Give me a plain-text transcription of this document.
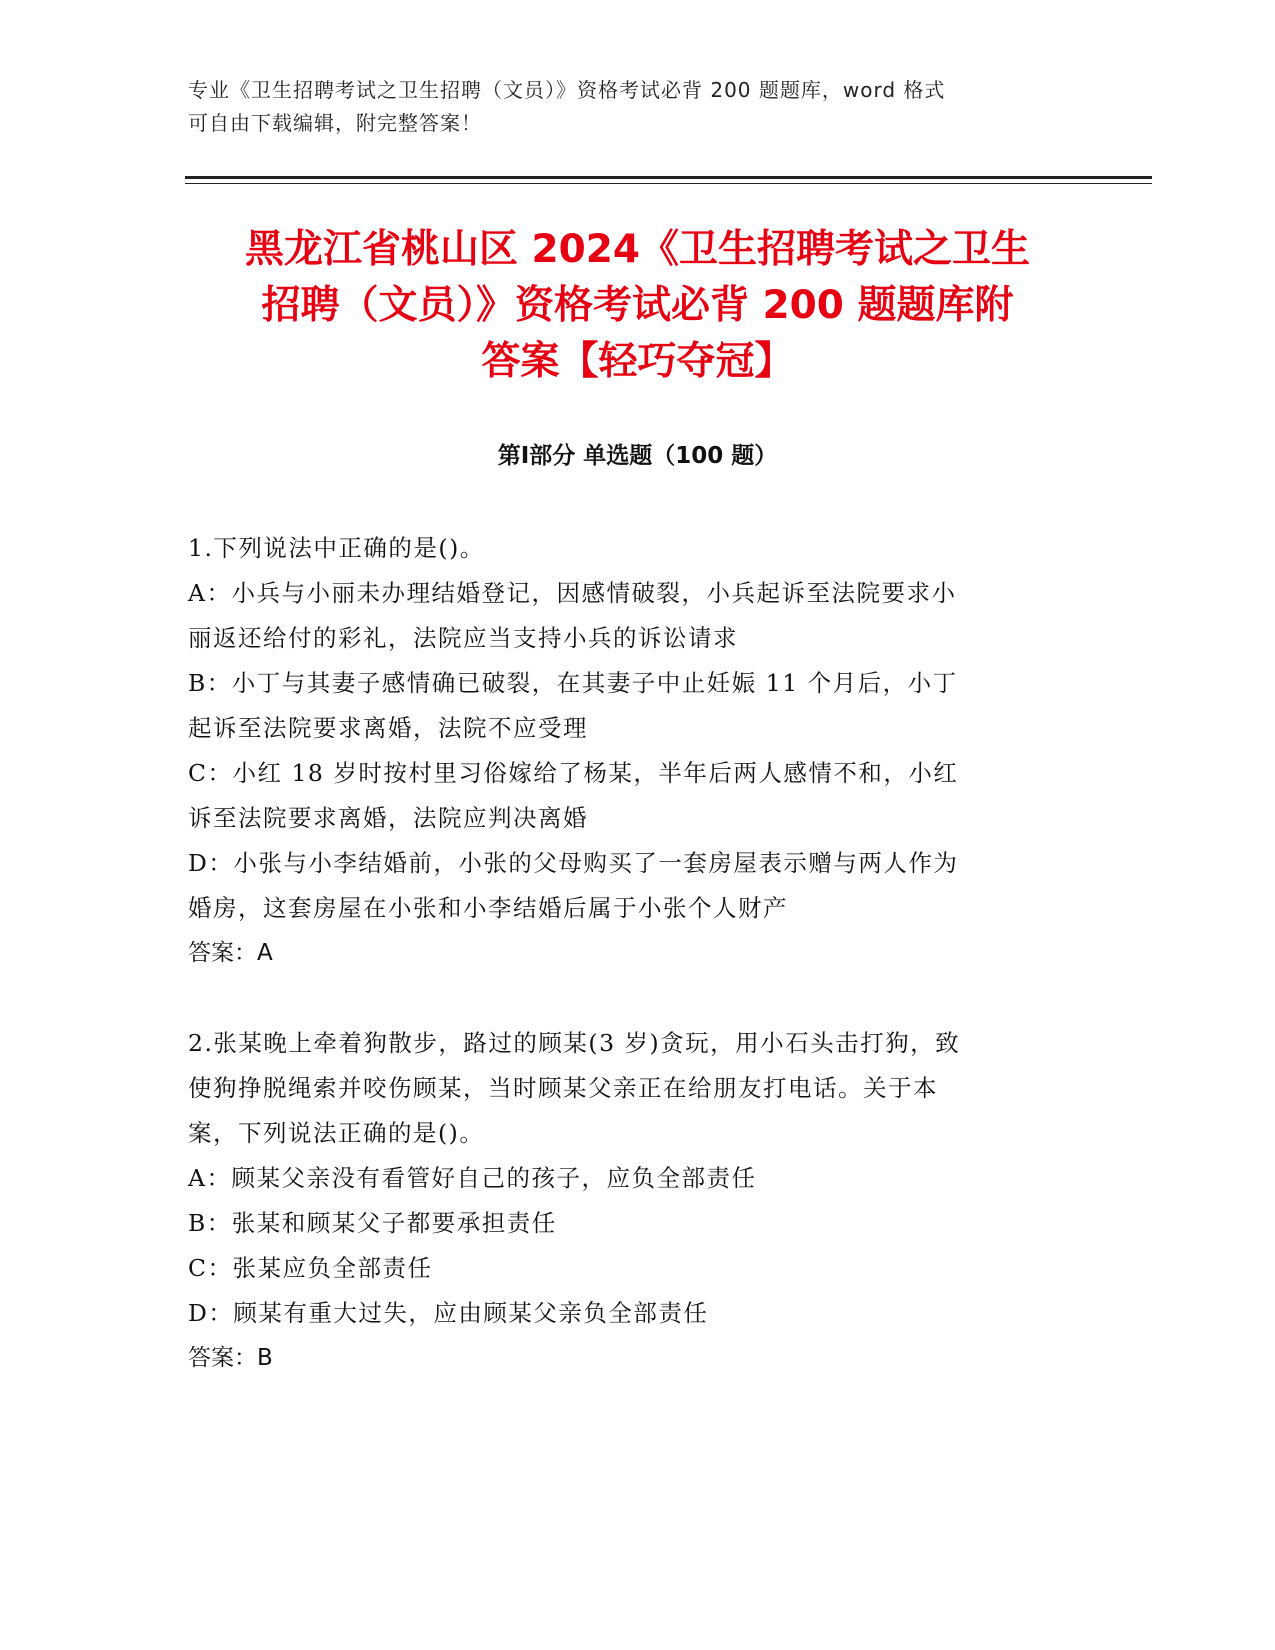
专业《卫生招聘考试之卫生招聘（文员）》资格考试必背 200 题题库，word 格式
可自由下载编辑，附完整答案！
黑龙江省桃山区 2024《卫生招聘考试之卫生
招聘（文员）》资格考试必背 200 题题库附
答案【轻巧夺冠】
第Ⅰ部分 单选题（100 题）

1.下列说法中正确的是()。

A：小兵与小丽未办理结婚登记，因感情破裂，小兵起诉至法院要求小

丽返还给付的彩礼，法院应当支持小兵的诉讼请求

B：小丁与其妻子感情确已破裂，在其妻子中止妊娠 11 个月后，小丁

起诉至法院要求离婚，法院不应受理

C：小红 18 岁时按村里习俗嫁给了杨某，半年后两人感情不和，小红

诉至法院要求离婚，法院应判决离婚

D：小张与小李结婚前，小张的父母购买了一套房屋表示赠与两人作为

婚房，这套房屋在小张和小李结婚后属于小张个人财产

答案：A

2.张某晚上牵着狗散步，路过的顾某(3 岁)贪玩，用小石头击打狗，致

使狗挣脱绳索并咬伤顾某，当时顾某父亲正在给朋友打电话。关于本

案，下列说法正确的是()。

A：顾某父亲没有看管好自己的孩子，应负全部责任

B：张某和顾某父子都要承担责任

C：张某应负全部责任

D：顾某有重大过失，应由顾某父亲负全部责任

答案：B
